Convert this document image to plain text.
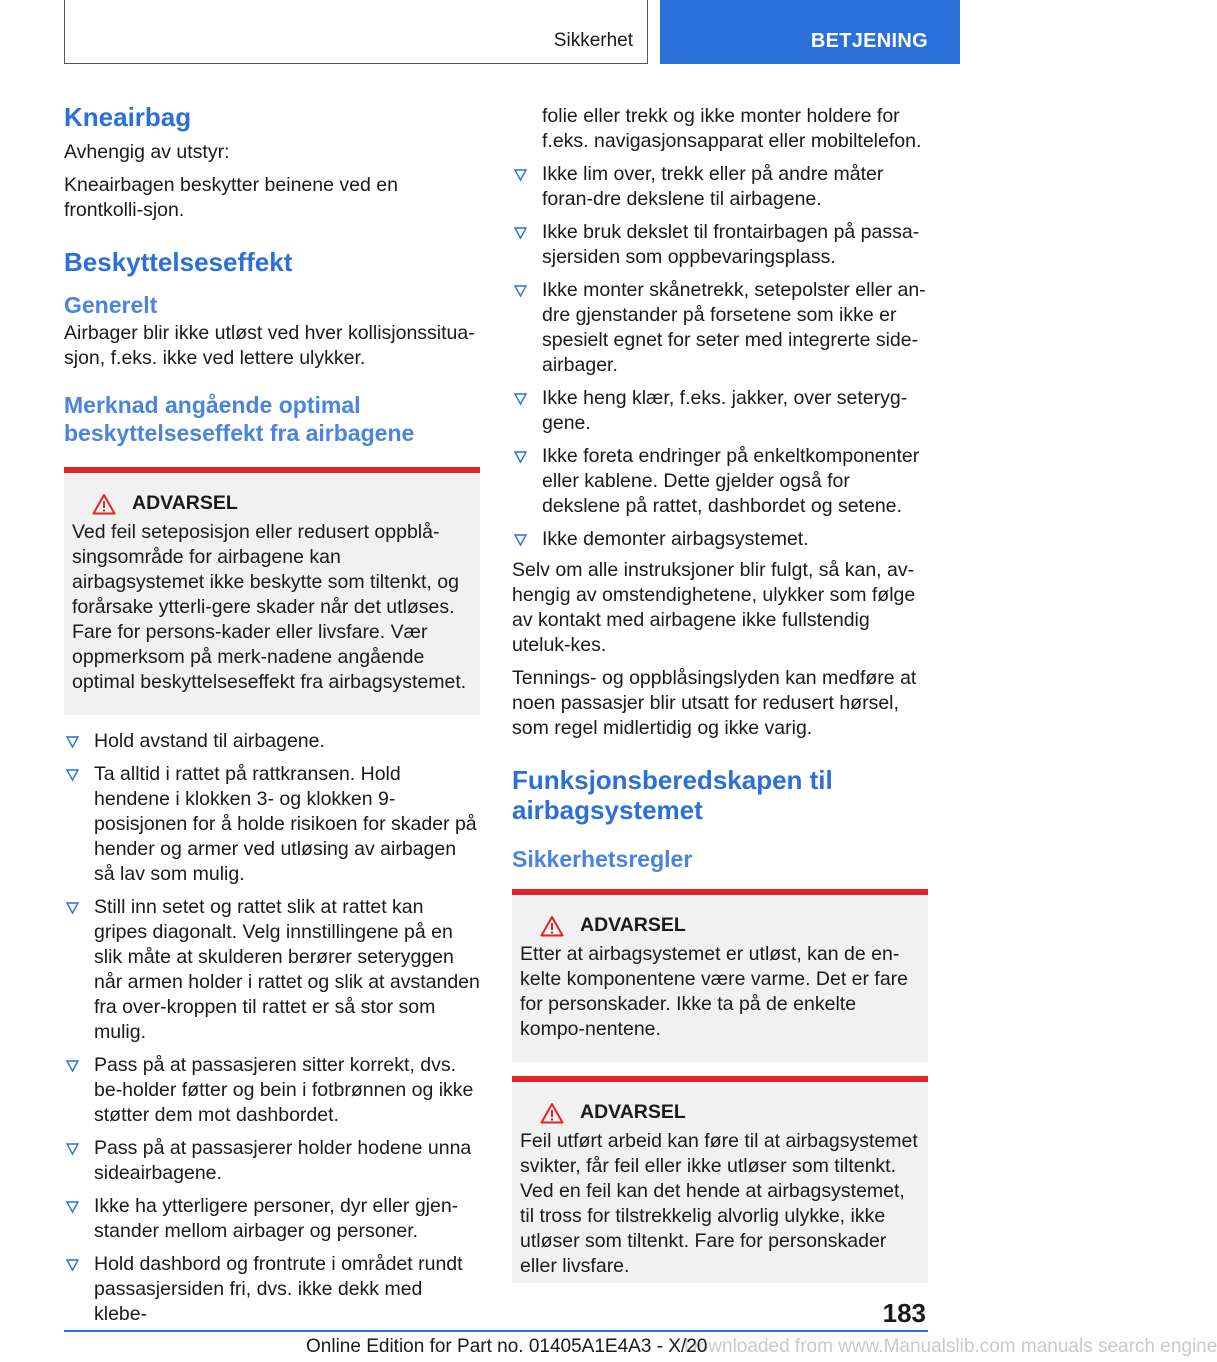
Sikkerhet	BETJENING
Kneairbag

Avhengig av utstyr:

Kneairbagen beskytter beinene ved en frontkolli-sjon.

Beskyttelseseffekt
Generelt

Airbager blir ikke utløst ved hver kollisjonssitua-sjon, f.eks. ikke ved lettere ulykker.

Merknad angående optimal beskyttelseseffekt fra airbagene
ADVARSEL

Ved feil seteposisjon eller redusert oppblå-singsområde for airbagene kan airbagsystemet ikke beskytte som tiltenkt, og forårsake ytterli-gere skader når det utløses. Fare for persons-kader eller livsfare. Vær oppmerksom på merk-nadene angående optimal beskyttelseseffekt fra airbagsystemet.

Hold avstand til airbagene.
Ta alltid i rattet på rattkransen. Hold hendene i klokken 3- og klokken 9-posisjonen for å holde risikoen for skader på hender og armer ved utløsing av airbagen så lav som mulig.
Still inn setet og rattet slik at rattet kan gripes diagonalt. Velg innstillingene på en slik måte at skulderen berører seteryggen når armen holder i rattet og slik at avstanden fra over-kroppen til rattet er så stor som mulig.
Pass på at passasjeren sitter korrekt, dvs. be-holder føtter og bein i fotbrønnen og ikke støtter dem mot dashbordet.
Pass på at passasjerer holder hodene unna sideairbagene.
Ikke ha ytterligere personer, dyr eller gjen-stander mellom airbager og personer.
Hold dashbord og frontrute i området rundt passasjersiden fri, dvs. ikke dekk med klebe-

folie eller trekk og ikke monter holdere for f.eks. navigasjonsapparat eller mobiltelefon.

Ikke lim over, trekk eller på andre måter foran-dre dekslene til airbagene.
Ikke bruk dekslet til frontairbagen på passa-sjersiden som oppbevaringsplass.
Ikke monter skånetrekk, setepolster eller an-dre gjenstander på forsetene som ikke er spesielt egnet for seter med integrerte side-airbager.
Ikke heng klær, f.eks. jakker, over seteryg-gene.
Ikke foreta endringer på enkeltkomponenter eller kablene. Dette gjelder også for dekslene på rattet, dashbordet og setene.
Ikke demonter airbagsystemet.

Selv om alle instruksjoner blir fulgt, så kan, av-hengig av omstendighetene, ulykker som følge av kontakt med airbagene ikke fullstendig uteluk-kes.

Tennings- og oppblåsingslyden kan medføre at noen passasjer blir utsatt for redusert hørsel, som regel midlertidig og ikke varig.

Funksjonsberedskapen til airbagsystemet
Sikkerhetsregler
ADVARSEL

Etter at airbagsystemet er utløst, kan de en-kelte komponentene være varme. Det er fare for personskader. Ikke ta på de enkelte kompo-nentene.

ADVARSEL

Feil utført arbeid kan føre til at airbagsystemet svikter, får feil eller ikke utløser som tiltenkt. Ved en feil kan det hende at airbagsystemet, til tross for tilstrekkelig alvorlig ulykke, ikke utløser som tiltenkt. Fare for personskader eller livsfare.

183
Downloaded from www.Manualslib.com manuals search engine
Online Edition for Part no. 01405A1E4A3 - X/20
